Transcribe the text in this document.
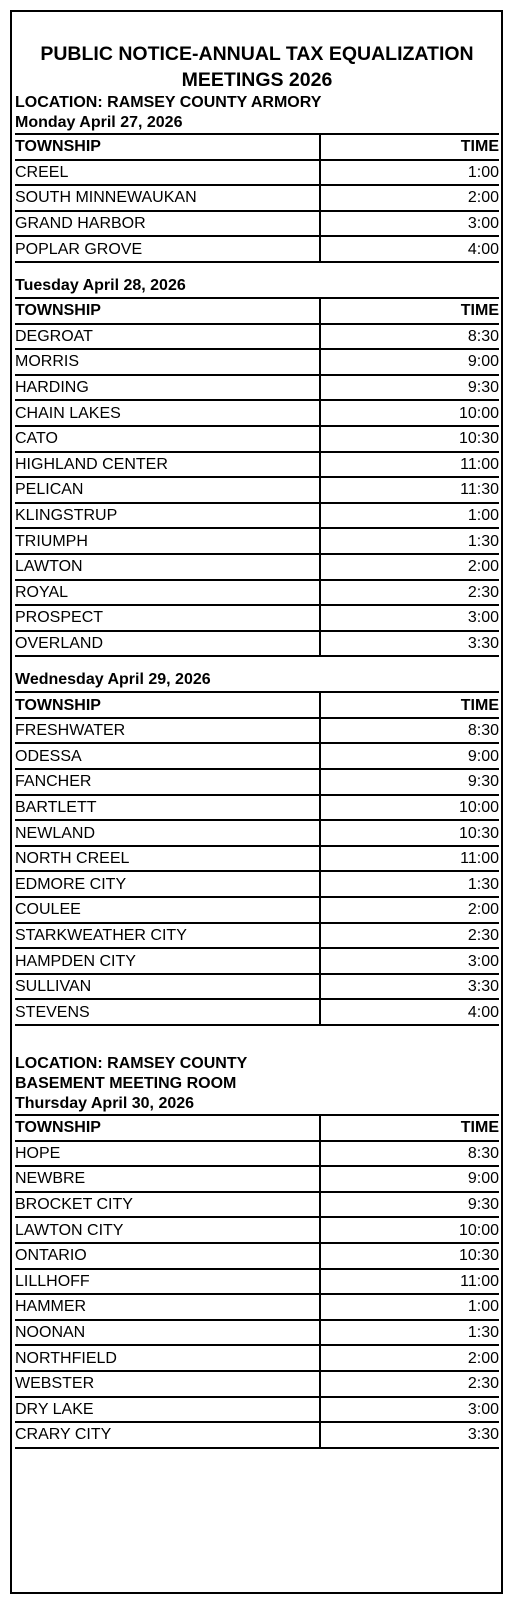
PUBLIC NOTICE-ANNUAL TAX EQUALIZATION
MEETINGS 2026
LOCATION: RAMSEY COUNTY ARMORY
Monday April 27, 2026
TOWNSHIP	TIME
CREEL	1:00
SOUTH MINNEWAUKAN	2:00
GRAND HARBOR	3:00
POPLAR GROVE	4:00
Tuesday April 28, 2026
TOWNSHIP	TIME
DEGROAT	8:30
MORRIS	9:00
HARDING	9:30
CHAIN LAKES	10:00
CATO	10:30
HIGHLAND CENTER	11:00
PELICAN	11:30
KLINGSTRUP	1:00
TRIUMPH	1:30
LAWTON	2:00
ROYAL	2:30
PROSPECT	3:00
OVERLAND	3:30
Wednesday April 29, 2026
TOWNSHIP	TIME
FRESHWATER	8:30
ODESSA	9:00
FANCHER	9:30
BARTLETT	10:00
NEWLAND	10:30
NORTH CREEL	11:00
EDMORE CITY	1:30
COULEE	2:00
STARKWEATHER CITY	2:30
HAMPDEN CITY	3:00
SULLIVAN	3:30
STEVENS	4:00
LOCATION: RAMSEY COUNTY
BASEMENT MEETING ROOM
Thursday April 30, 2026
TOWNSHIP	TIME
HOPE	8:30
NEWBRE	9:00
BROCKET CITY	9:30
LAWTON CITY	10:00
ONTARIO	10:30
LILLHOFF	11:00
HAMMER	1:00
NOONAN	1:30
NORTHFIELD	2:00
WEBSTER	2:30
DRY LAKE	3:00
CRARY CITY	3:30
